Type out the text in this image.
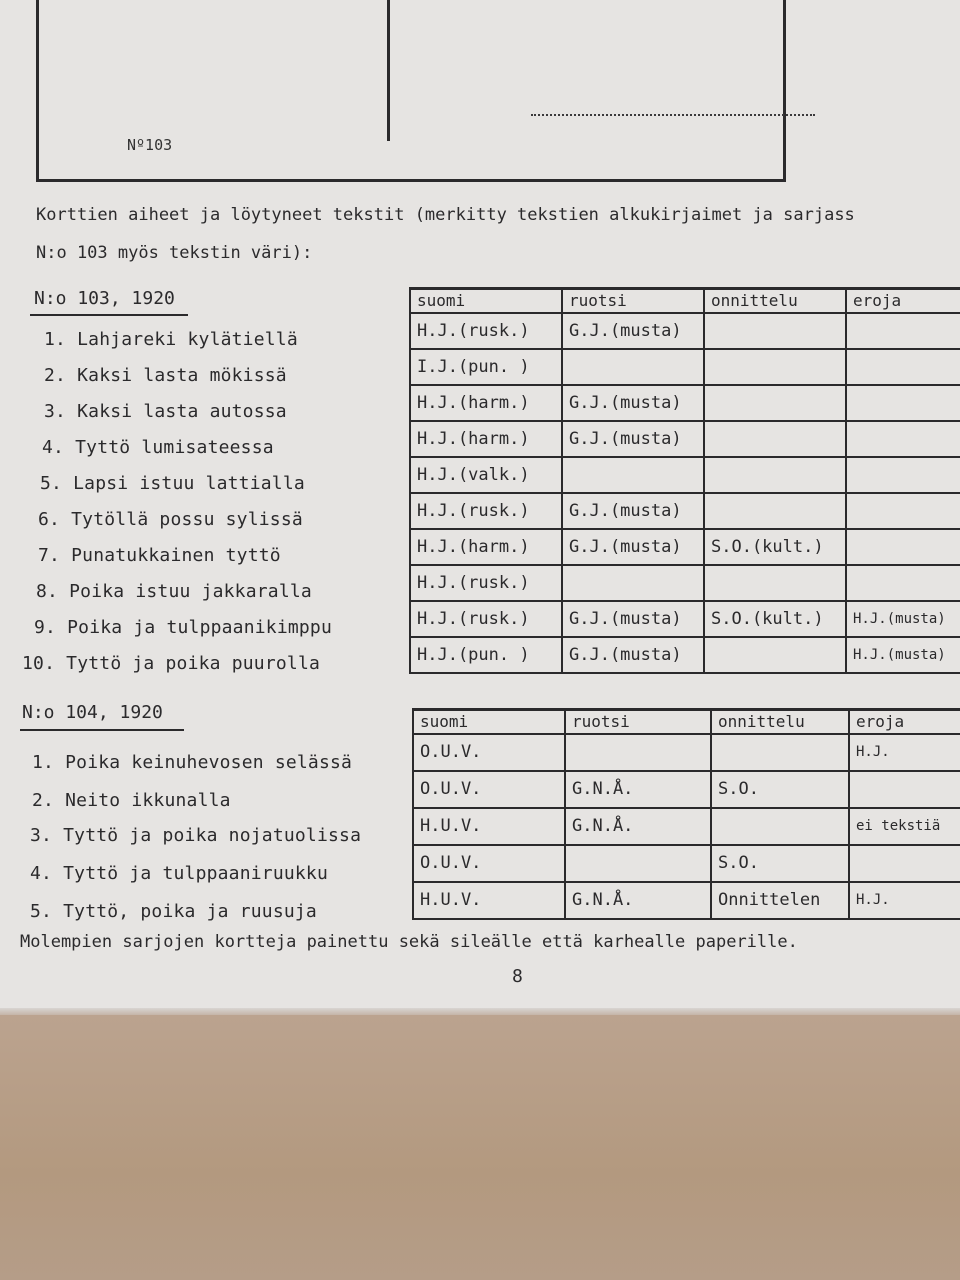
Nº103
Korttien aiheet ja löytyneet tekstit (merkitty tekstien alkukirjaimet ja sarjass
N:o 103 myös tekstin väri):
N:o 103, 1920
1. Lahjareki kylätiellä
2. Kaksi lasta mökissä
3. Kaksi lasta autossa
4. Tyttö lumisateessa
5. Lapsi istuu lattialla
6. Tytöllä possu sylissä
7. Punatukkainen tyttö
8. Poika istuu jakkaralla
9. Poika ja tulppaanikimppu
10. Tyttö ja poika puurolla
suomi	ruotsi	onnittelu	eroja
H.J.(rusk.)	G.J.(musta)		
I.J.(pun. )			
H.J.(harm.)	G.J.(musta)		
H.J.(harm.)	G.J.(musta)		
H.J.(valk.)			
H.J.(rusk.)	G.J.(musta)		
H.J.(harm.)	G.J.(musta)	S.O.(kult.)	
H.J.(rusk.)			
H.J.(rusk.)	G.J.(musta)	S.O.(kult.)	H.J.(musta)
H.J.(pun. )	G.J.(musta)		H.J.(musta)
N:o 104, 1920
1. Poika keinuhevosen selässä
2. Neito ikkunalla
3. Tyttö ja poika nojatuolissa
4. Tyttö ja tulppaaniruukku
5. Tyttö, poika ja ruusuja
suomi	ruotsi	onnittelu	eroja
O.U.V.			H.J.
O.U.V.	G.N.Å.	S.O.	
H.U.V.	G.N.Å.		ei tekstiä
O.U.V.		S.O.	
H.U.V.	G.N.Å.	Onnittelen	H.J.
Molempien sarjojen kortteja painettu sekä sileälle että karhealle paperille.
8
